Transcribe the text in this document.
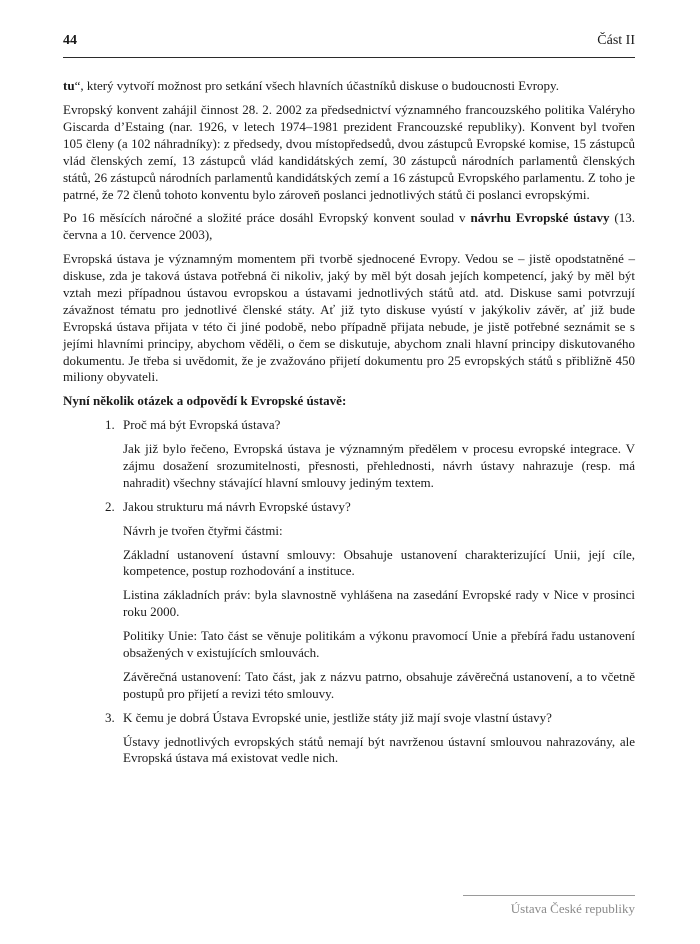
44	Část II

tu“, který vytvoří možnost pro setkání všech hlavních účastníků diskuse o budoucnosti Evropy.

Evropský konvent zahájil činnost 28. 2. 2002 za předsednictví významného francouzského politika Valéryho Giscarda d’Estaing (nar. 1926, v letech 1974–1981 prezident Francouzské republiky). Konvent byl tvořen 105 členy (a 102 náhradníky): z předsedy, dvou místopředsedů, dvou zástupců Evropské komise, 15 zástupců vlád členských zemí, 13 zástupců vlád kandidátských zemí, 30 zástupců národních parlamentů členských států, 26 zástupců národních parlamentů kandidátských zemí a 16 zástupců Evropského parlamentu. Z toho je patrné, že 72 členů tohoto konventu bylo zároveň poslanci jednotlivých států či poslanci evropskými.

Po 16 měsících náročné a složité práce dosáhl Evropský konvent soulad v návrhu Evropské ústavy (13. června a 10. července 2003),

Evropská ústava je významným momentem při tvorbě sjednocené Evropy. Vedou se – jistě opodstatněné – diskuse, zda je taková ústava potřebná či nikoliv, jaký by měl být dosah jejích kompetencí, jaký by měl být vztah mezi případnou ústavou evropskou a ústavami jednotlivých států atd. atd. Diskuse sami potvrzují závažnost tématu pro jednotlivé členské státy. Ať již tyto diskuse vyústí v jakýkoliv závěr, ať již bude Evropská ústava přijata v této či jiné podobě, nebo případně přijata nebude, je jistě potřebné seznámit se s jejími hlavními principy, abychom věděli, o čem se diskutuje, abychom znali hlavní principy diskutovaného dokumentu. Je třeba si uvědomit, že je zvažováno přijetí dokumentu pro 25 evropských států s přibližně 450 miliony obyvateli.

Nyní několik otázek a odpovědí k Evropské ústavě:

1. Proč má být Evropská ústava?

Jak již bylo řečeno, Evropská ústava je významným předělem v procesu evropské integrace. V zájmu dosažení srozumitelnosti, přesnosti, přehlednosti, návrh ústavy nahrazuje (resp. má nahradit) všechny stávající hlavní smlouvy jediným textem.

2. Jakou strukturu má návrh Evropské ústavy?

Návrh je tvořen čtyřmi částmi:

Základní ustanovení ústavní smlouvy: Obsahuje ustanovení charakterizující Unii, její cíle, kompetence, postup rozhodování a instituce.

Listina základních práv: byla slavnostně vyhlášena na zasedání Evropské rady v Nice v prosinci roku 2000.

Politiky Unie: Tato část se věnuje politikám a výkonu pravomocí Unie a přebírá řadu ustanovení obsažených v existujících smlouvách.

Závěrečná ustanovení: Tato část, jak z názvu patrno, obsahuje závěrečná ustanovení, a to včetně postupů pro přijetí a revizi této smlouvy.

3. K čemu je dobrá Ústava Evropské unie, jestliže státy již mají svoje vlastní ústavy?

Ústavy jednotlivých evropských států nemají být navrženou ústavní smlouvou nahrazovány, ale Evropská ústava má existovat vedle nich.

Ústava České republiky
